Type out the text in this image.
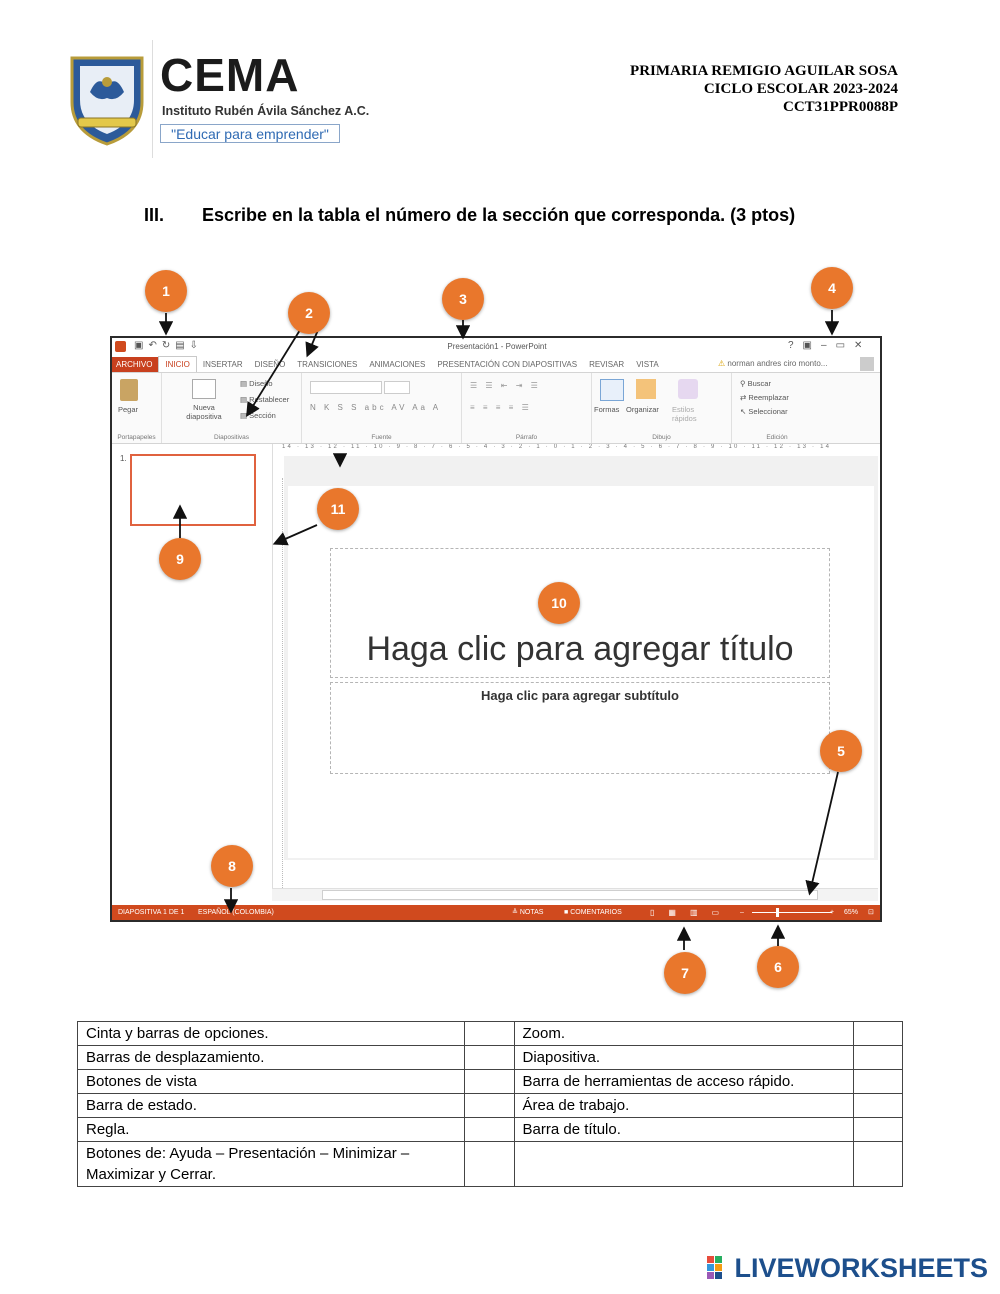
CEMA
Instituto Rubén Ávila Sánchez A.C.
"Educar para emprender"
PRIMARIA REMIGIO AGUILAR SOSA
CICLO ESCOLAR 2023-2024
CCT31PPR0088P
III. Escribe en la tabla el número de la sección que corresponda. (3 ptos)
▣↶↻▤⇩	Presentación1 - PowerPoint	?▣–▭✕
ARCHIVO INICIO INSERTAR DISEÑO TRANSICIONES ANIMACIONES PRESENTACIÓN CON DIAPOSITIVAS REVISAR VISTA	⚠ norman andres ciro monto...
Pegar
Portapapeles
Nueva diapositiva
▤ Diseño
▤ Restablecer
▤ Sección
Diapositivas
N K S S abc AV Aa A
Fuente
☰ ☰ ⇤ ⇥ ☰
≡ ≡ ≡ ≡ ☰
Párrafo
Formas Organizar Estilos rápidos
Dibujo
⚲ Buscar
⇄ Reemplazar
↖ Seleccionar
Edición
14 · 13 · 12 · 11 · 10 · 9 · 8 · 7 · 6 · 5 · 4 · 3 · 2 · 1 · 0 · 1 · 2 · 3 · 4 · 5 · 6 · 7 · 8 · 9 · 10 · 11 · 12 · 13 · 14
1.
Haga clic para agregar título
Haga clic para agregar subtítulo
DIAPOSITIVA 1 DE 1 ESPAÑOL (COLOMBIA)	≜ NOTAS	■ COMENTARIOS	▯▦▥▭ –	+ 65% ⊡
1
2
3
4
5
6
7
8
9
10
11
Cinta y barras de opciones.		Zoom.	
Barras de desplazamiento.		Diapositiva.	
Botones de vista		Barra de herramientas de acceso rápido.	
Barra de estado.		Área de trabajo.	
Regla.		Barra de título.	
Botones de: Ayuda – Presentación – Minimizar – Maximizar y Cerrar.			
LIVEWORKSHEETS
